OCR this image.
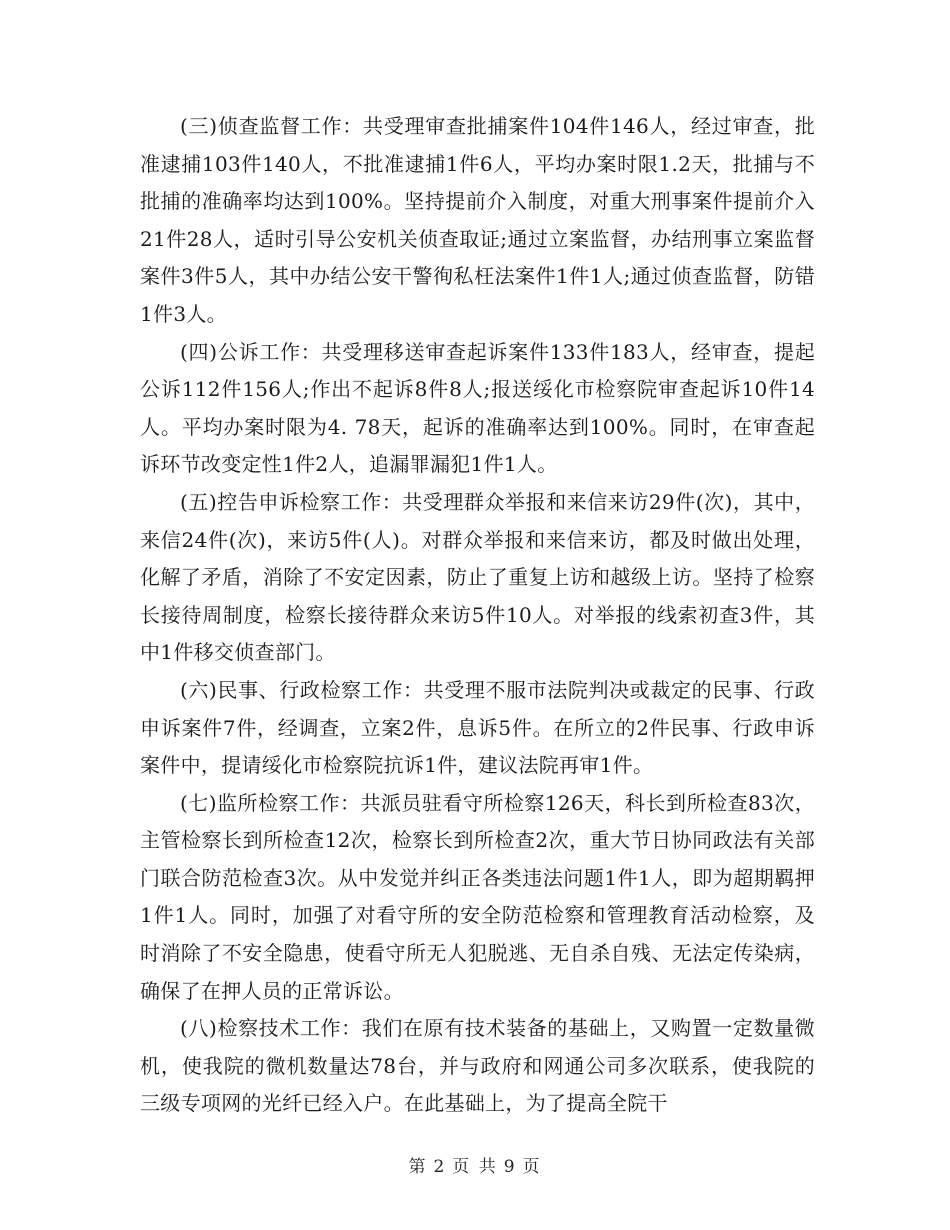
(三)侦查监督工作：共受理审查批捕案件104件146人，经过审查，批准逮捕103件140人，不批准逮捕1件6人，平均办案时限1.2天，批捕与不批捕的准确率均达到100%。坚持提前介入制度，对重大刑事案件提前介入21件28人，适时引导公安机关侦查取证;通过立案监督，办结刑事立案监督案件3件5人，其中办结公安干警徇私枉法案件1件1人;通过侦查监督，防错1件3人。

(四)公诉工作：共受理移送审查起诉案件133件183人，经审查，提起公诉112件156人;作出不起诉8件8人;报送绥化市检察院审查起诉10件14人。平均办案时限为4. 78天，起诉的准确率达到100%。同时，在审查起诉环节改变定性1件2人，追漏罪漏犯1件1人。

(五)控告申诉检察工作：共受理群众举报和来信来访29件(次)，其中，来信24件(次)，来访5件(人)。对群众举报和来信来访，都及时做出处理，化解了矛盾，消除了不安定因素，防止了重复上访和越级上访。坚持了检察长接待周制度，检察长接待群众来访5件10人。对举报的线索初查3件，其中1件移交侦查部门。

(六)民事、行政检察工作：共受理不服市法院判决或裁定的民事、行政申诉案件7件，经调查，立案2件，息诉5件。在所立的2件民事、行政申诉案件中，提请绥化市检察院抗诉1件，建议法院再审1件。

(七)监所检察工作：共派员驻看守所检察126天，科长到所检查83次，主管检察长到所检查12次，检察长到所检查2次，重大节日协同政法有关部门联合防范检查3次。从中发觉并纠正各类违法问题1件1人，即为超期羁押1件1人。同时，加强了对看守所的安全防范检察和管理教育活动检察，及时消除了不安全隐患，使看守所无人犯脱逃、无自杀自残、无法定传染病，确保了在押人员的正常诉讼。

(八)检察技术工作：我们在原有技术装备的基础上，又购置一定数量微机，使我院的微机数量达78台，并与政府和网通公司多次联系，使我院的三级专项网的光纤已经入户。在此基础上，为了提高全院干

第 2 页 共 9 页
